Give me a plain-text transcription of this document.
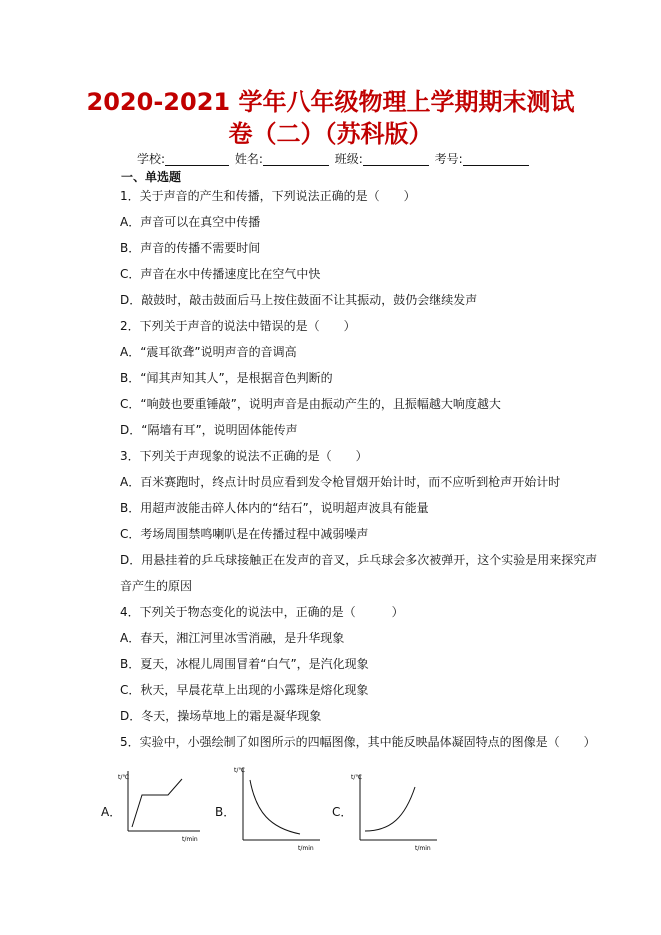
2020-2021 学年八年级物理上学期期末测试
卷（二）（苏科版）
学校:	姓名:	班级:	考号:
一、单选题
1．关于声音的产生和传播，下列说法正确的是（　　）
A．声音可以在真空中传播
B．声音的传播不需要时间
C．声音在水中传播速度比在空气中快
D．敲鼓时，敲击鼓面后马上按住鼓面不让其振动，鼓仍会继续发声
2．下列关于声音的说法中错误的是（　　）
A．“震耳欲聋”说明声音的音调高
B．“闻其声知其人”，是根据音色判断的
C．“响鼓也要重锤敲”，说明声音是由振动产生的，且振幅越大响度越大
D．“隔墙有耳”，说明固体能传声
3．下列关于声现象的说法不正确的是（　　）
A．百米赛跑时，终点计时员应看到发令枪冒烟开始计时，而不应听到枪声开始计时
B．用超声波能击碎人体内的“结石”，说明超声波具有能量
C．考场周围禁鸣喇叭是在传播过程中减弱噪声
D．用悬挂着的乒乓球接触正在发声的音叉，乒乓球会多次被弹开，这个实验是用来探究声
音产生的原因
4．下列关于物态变化的说法中，正确的是（　　　）
A．春天，湘江河里冰雪消融，是升华现象
B．夏天，冰棍儿周围冒着“白气”，是汽化现象
C．秋天，早晨花草上出现的小露珠是熔化现象
D．冬天，操场草地上的霜是凝华现象
5．实验中，小强绘制了如图所示的四幅图像，其中能反映晶体凝固特点的图像是（　　）
A．	B．	C．
t/℃
t/min
t/℃
t/min
t/℃
t/min
